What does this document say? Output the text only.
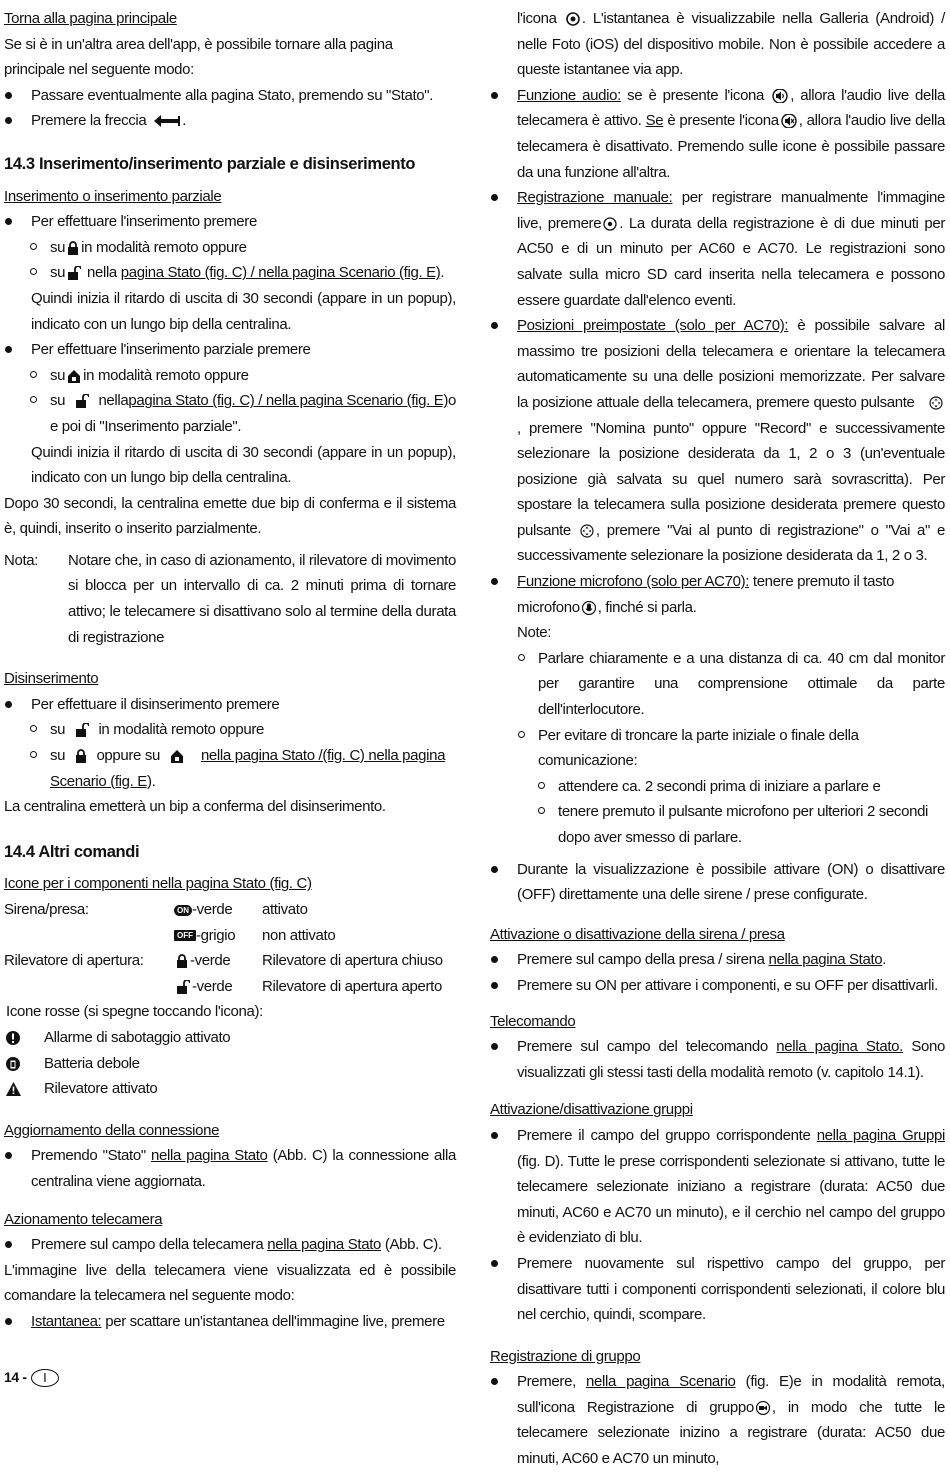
Torna alla pagina principale

Se si è in un'altra area dell'app, è possibile tornare alla pagina principale nel seguente modo:

Passare eventualmente alla pagina Stato, premendo su "Stato".

Premere la freccia .

14.3 Inserimento/inserimento parziale e disinserimento

Inserimento o inserimento parziale

Per effettuare l'inserimento premere

su in modalità remoto oppure

su nella pagina Stato (fig. C) / nella pagina Scenario (fig. E).

Quindi inizia il ritardo di uscita di 30 secondi (appare in un popup), indicato con un lungo bip della centralina.

Per effettuare l'inserimento parziale premere

su in modalità remoto oppure

su nellapagina Stato (fig. C) / nella pagina Scenario (fig. E)o e poi di "Inserimento parziale".

Quindi inizia il ritardo di uscita di 30 secondi (appare in un popup), indicato con un lungo bip della centralina.

Dopo 30 secondi, la centralina emette due bip di conferma e il sistema è, quindi, inserito o inserito parzialmente.

Nota:	Notare che, in caso di azionamento, il rilevatore di movimento si blocca per un intervallo di ca. 2 minuti prima di tornare attivo; le telecamere si disattivano solo al termine della durata di registrazione

Disinserimento

Per effettuare il disinserimento premere

su in modalità remoto oppure

su oppure su	nella pagina Stato /(fig. C) nella pagina Scenario (fig. E).

La centralina emetterà un bip a conferma del disinserimento.

14.4 Altri comandi

Icone per i componenti nella pagina Stato (fig. C)

Sirena/presa:	ON -verde	attivato
OFF -grigio	non attivato
Rilevatore di apertura:	-verde	Rilevatore di apertura chiuso
-verde	Rilevatore di apertura aperto

Icone rosse (si spegne toccando l'icona):

Allarme di sabotaggio attivato
Batteria debole
Rilevatore attivato

Aggiornamento della connessione

Premendo "Stato" nella pagina Stato (Abb. C) la connessione alla centralina viene aggiornata.

Azionamento telecamera

Premere sul campo della telecamera nella pagina Stato (Abb. C).

L'immagine live della telecamera viene visualizzata ed è possibile comandare la telecamera nel seguente modo:

Istantanea: per scattare un'istantanea dell'immagine live, premere

l'icona . L'istantanea è visualizzabile nella Galleria (Android) / nelle Foto (iOS) del dispositivo mobile. Non è possibile accedere a queste istantanee via app.

Funzione audio: se è presente l'icona , allora l'audio live della telecamera è attivo. Se è presente l'icona , allora l'audio live della telecamera è disattivato. Premendo sulle icone è possibile passare da una funzione all'altra.

Registrazione manuale: per registrare manualmente l'immagine live, premere . La durata della registrazione è di due minuti per AC50 e di un minuto per AC60 e AC70. Le registrazioni sono salvate sulla micro SD card inserita nella telecamera e possono essere guardate dall'elenco eventi.

Posizioni preimpostate (solo per AC70): è possibile salvare al massimo tre posizioni della telecamera e orientare la telecamera automaticamente su una delle posizioni memorizzate. Per salvare la posizione attuale della telecamera, premere questo pulsante
, premere "Nomina punto" oppure "Record" e successivamente selezionare la posizione desiderata da 1, 2 o 3 (un'eventuale posizione già salvata su quel numero sarà sovrascritta). Per spostare la telecamera sulla posizione desiderata premere questo pulsante , premere "Vai al punto di registrazione" o "Vai a" e successivamente selezionare la posizione desiderata da 1, 2 o 3.

Funzione microfono (solo per AC70): tenere premuto il tasto microfono , finché si parla.

Note:

Parlare chiaramente e a una distanza di ca. 40 cm dal monitor per garantire una comprensione ottimale da parte dell'interlocutore.

Per evitare di troncare la parte iniziale o finale della comunicazione:

attendere ca. 2 secondi prima di iniziare a parlare e

tenere premuto il pulsante microfono per ulteriori 2 secondi dopo aver smesso di parlare.

Durante la visualizzazione è possibile attivare (ON) o disattivare (OFF) direttamente una delle sirene / prese configurate.

Attivazione o disattivazione della sirena / presa

Premere sul campo della presa / sirena nella pagina Stato.

Premere su ON per attivare i componenti, e su OFF per disattivarli.

Telecomando

Premere sul campo del telecomando nella pagina Stato. Sono visualizzati gli stessi tasti della modalità remoto (v. capitolo 14.1).

Attivazione/disattivazione gruppi

Premere il campo del gruppo corrispondente nella pagina Gruppi (fig. D). Tutte le prese corrispondenti selezionate si attivano, tutte le telecamere selezionate iniziano a registrare (durata: AC50 due minuti, AC60 e AC70 un minuto), e il cerchio nel campo del gruppo è evidenziato di blu.

Premere nuovamente sul rispettivo campo del gruppo, per disattivare tutti i componenti corrispondenti selezionati, il colore blu nel cerchio, quindi, scompare.

Registrazione di gruppo

Premere, nella pagina Scenario (fig. E)e in modalità remota, sull'icona Registrazione di gruppo , in modo che tutte le telecamere selezionate inizino a registrare (durata: AC50 due minuti, AC60 e AC70 un minuto,

14 -	I
